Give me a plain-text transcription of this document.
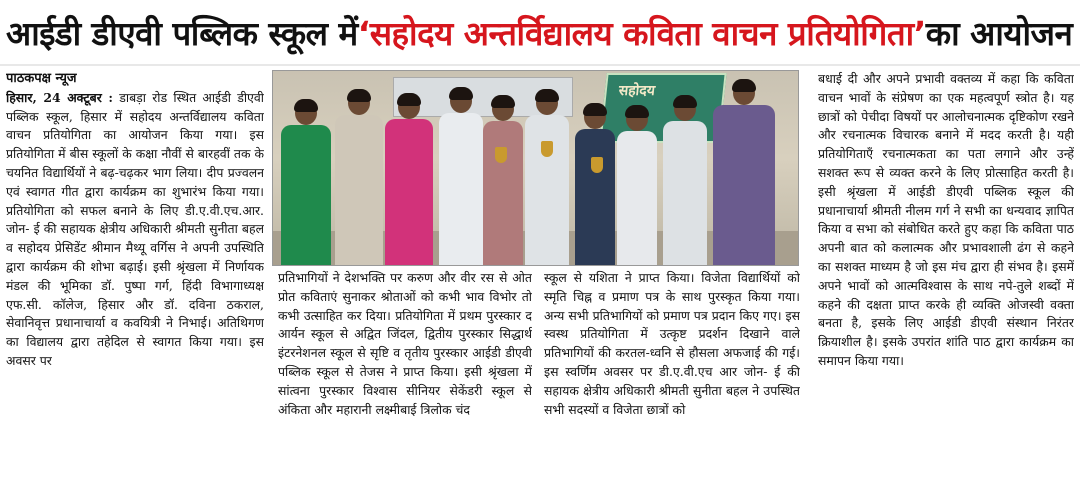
आईडी डीएवी पब्लिक स्कूल में ‘सहोदय अन्तर्विद्यालय कविता वाचन प्रतियोगिता’ का आयोजन
पाठकपक्ष न्यूज

हिसार, 24 अक्टूबर : डाबड़ा रोड स्थित आईडी डीएवी पब्लिक स्कूल, हिसार में सहोदय अन्तर्विद्यालय कविता वाचन प्रतियोगिता का आयोजन किया गया। इस प्रतियोगिता में बीस स्कूलों के कक्षा नौवीं से बारहवीं तक के चयनित विद्यार्थियों ने बढ़-चढ़कर भाग लिया। दीप प्रज्वलन एवं स्वागत गीत द्वारा कार्यक्रम का शुभारंभ किया गया। प्रतियोगिता को सफल बनाने के लिए डी.ए.वी.एच.आर. जोन- ई की सहायक क्षेत्रीय अधिकारी श्रीमती सुनीता बहल व सहोदय प्रेसिडेंट श्रीमान मैथ्यू वर्गिस ने अपनी उपस्थिति द्वारा कार्यक्रम की शोभा बढ़ाई। इसी श्रृंखला में निर्णायक मंडल की भूमिका डॉ. पुष्पा गर्ग, हिंदी विभागाध्यक्ष एफ.सी. कॉलेज, हिसार और डॉ. दविना ठकराल, सेवानिवृत्त प्रधानाचार्या व कवयित्री ने निभाई। अतिथिगण का विद्यालय द्वारा तहेदिल से स्वागत किया गया। इस अवसर पर

सहोदय

प्रतिभागियों ने देशभक्ति पर करुण और वीर रस से ओत प्रोत कविताएं सुनाकर श्रोताओं को कभी भाव विभोर तो कभी उत्साहित कर दिया। प्रतियोगिता में प्रथम पुरस्कार द आर्यन स्कूल से अद्वित जिंदल, द्वितीय पुरस्कार सिद्धार्थ इंटरनेशनल स्कूल से सृष्टि व तृतीय पुरस्कार आईडी डीएवी पब्लिक स्कूल से तेजस ने प्राप्त किया। इसी श्रृंखला में सांत्वना पुरस्कार विश्वास सीनियर सेकेंडरी स्कूल से अंकिता और महारानी लक्ष्मीबाई त्रिलोक चंद

स्कूल से यशिता ने प्राप्त किया। विजेता विद्यार्थियों को स्मृति चिह्न व प्रमाण पत्र के साथ पुरस्कृत किया गया। अन्य सभी प्रतिभागियों को प्रमाण पत्र प्रदान किए गए। इस स्वस्थ प्रतियोगिता में उत्कृष्ट प्रदर्शन दिखाने वाले प्रतिभागियों की करतल-ध्वनि से हौसला अफजाई की गई। इस स्वर्णिम अवसर पर डी.ए.वी.एच आर जोन- ई की सहायक क्षेत्रीय अधिकारी श्रीमती सुनीता बहल ने उपस्थित सभी सदस्यों व विजेता छात्रों को

बधाई दी और अपने प्रभावी वक्तव्य में कहा कि कविता वाचन भावों के संप्रेषण का एक महत्वपूर्ण स्त्रोत है। यह छात्रों को पेचीदा विषयों पर आलोचनात्मक दृष्टिकोण रखने और रचनात्मक विचारक बनाने में मदद करती है। यही प्रतियोगिताएँ रचनात्मकता का पता लगाने और उन्हें सशक्त रूप से व्यक्त करने के लिए प्रोत्साहित करती है। इसी श्रृंखला में आईडी डीएवी पब्लिक स्कूल की प्रधानाचार्या श्रीमती नीलम गर्ग ने सभी का धन्यवाद ज्ञापित किया व सभा को संबोधित करते हुए कहा कि कविता पाठ अपनी बात को कलात्मक और प्रभावशाली ढंग से कहने का सशक्त माध्यम है जो इस मंच द्वारा ही संभव है। इसमें अपने भावों को आत्मविश्वास के साथ नपे-तुले शब्दों में कहने की दक्षता प्राप्त करके ही व्यक्ति ओजस्वी वक्ता बनता है, इसके लिए आईडी डीएवी संस्थान निरंतर क्रियाशील है। इसके उपरांत शांति पाठ द्वारा कार्यक्रम का समापन किया गया।
